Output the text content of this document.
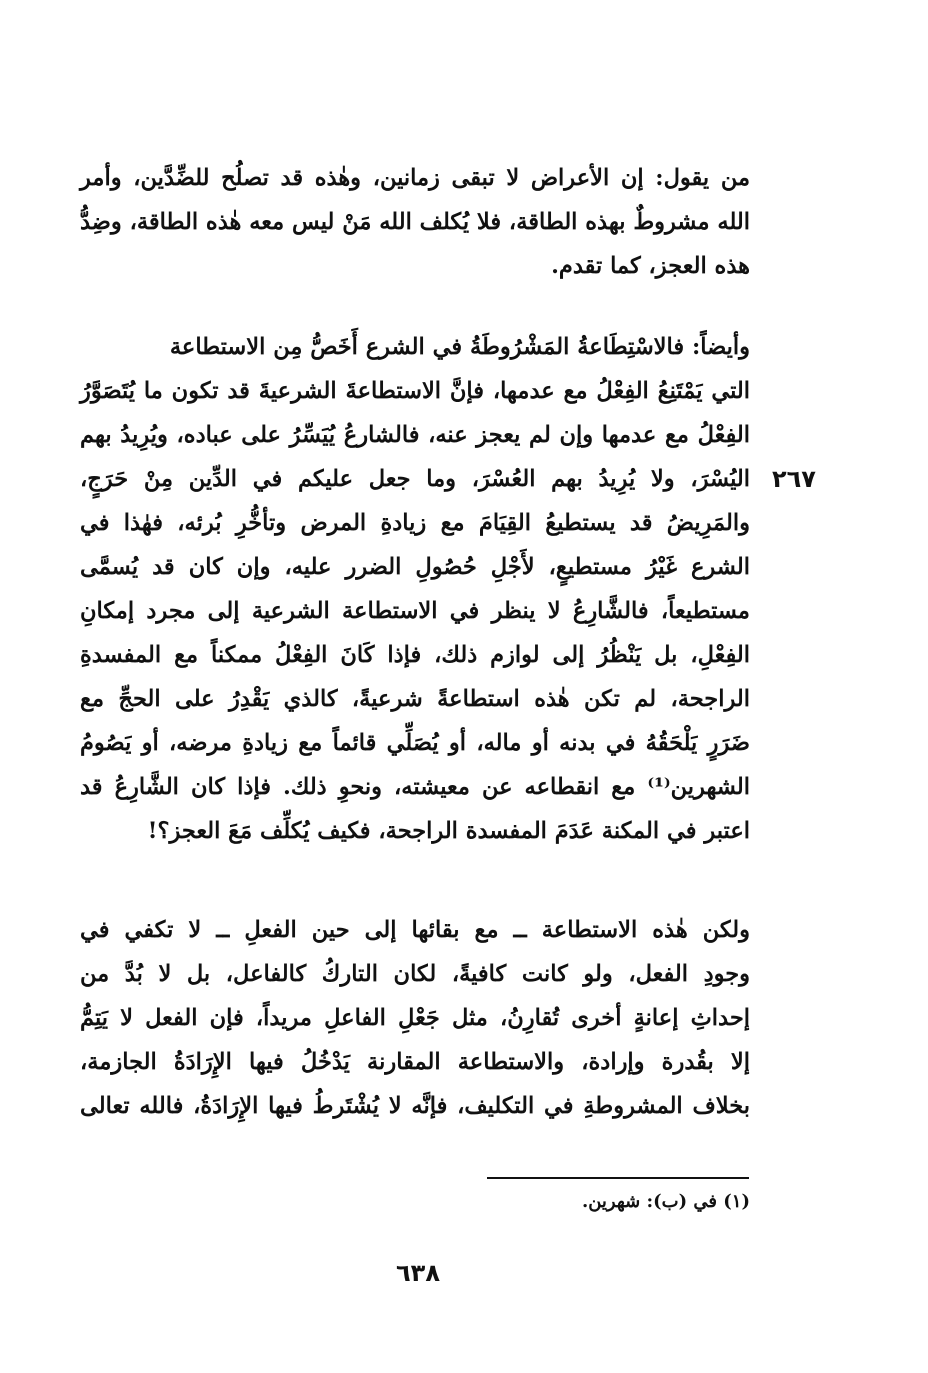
من يقول: إن الأعراض لا تبقى زمانين، وهٰذه قد تصلُح للضِّدَّين، وأمر
الله مشروطٌ بهذه الطاقة، فلا يُكلف الله مَنْ ليس معه هٰذه الطاقة، وضِدُّ
هذه العجز، كما تقدم.
وأيضاً: فالاسْتِطَاعةُ المَشْرُوطَةُ في الشرع أَخَصُّ مِن الاستطاعة
التي يَمْتَنِعُ الفِعْلُ مع عدمها، فإنَّ الاستطاعةَ الشرعيةَ قد تكون ما يُتَصَوَّرُ
الفِعْلُ مع عدمها وإن لم يعجز عنه، فالشارعُ يُيَسِّرُ على عباده، ويُرِيدُ بهم
اليُسْرَ، ولا يُرِيدُ بهم العُسْرَ، وما جعل عليكم في الدِّين مِنْ حَرَجٍ،
والمَرِيضُ قد يستطيعُ القِيَامَ مع زيادةِ المرض وتأخُّرِ بُرئه، فهٰذا في
الشرع غَيْرُ مستطيعٍ، لأَجْلِ حُصُولِ الضرر عليه، وإن كان قد يُسمَّى
مستطيعاً، فالشَّارِعُ لا ينظر في الاستطاعة الشرعية إلى مجرد إمكانِ
الفِعْلِ، بل يَنْظُرُ إلى لوازم ذلك، فإذا كَانَ الفِعْلُ ممكناً مع المفسدةِ
الراجحة، لم تكن هٰذه استطاعةً شرعيةً، كالذي يَقْدِرُ على الحجِّ مع
ضَرَرٍ يَلْحَقُهُ في بدنه أو ماله، أو يُصَلِّي قائماً مع زيادةِ مرضه، أو يَصُومُ
الشهرين⁽¹⁾ مع انقطاعه عن معيشته، ونحوِ ذلك. فإذا كان الشَّارِعُ قد
اعتبر في المكنة عَدَمَ المفسدة الراجحة، فكيف يُكلِّف مَعَ العجز؟!
٢٦٧
ولكن هٰذه الاستطاعة ــ مع بقائها إلى حين الفعلِ ــ لا تكفي في
وجودِ الفعل، ولو كانت كافيةً، لكان التاركُ كالفاعل، بل لا بُدَّ من
إحداثِ إعانةٍ أخرى تُقارِنُ، مثل جَعْلِ الفاعلِ مريداً، فإن الفعل لا يَتِمُّ
إلا بقُدرة وإرادة، والاستطاعة المقارنة يَدْخُلُ فيها الإِرَادَةُ الجازمة،
بخلاف المشروطةِ في التكليف، فإنَّه لا يُشْتَرطُ فيها الإِرَادَةُ، فالله تعالى
(١) في (ب): شهرين.
٦٣٨
